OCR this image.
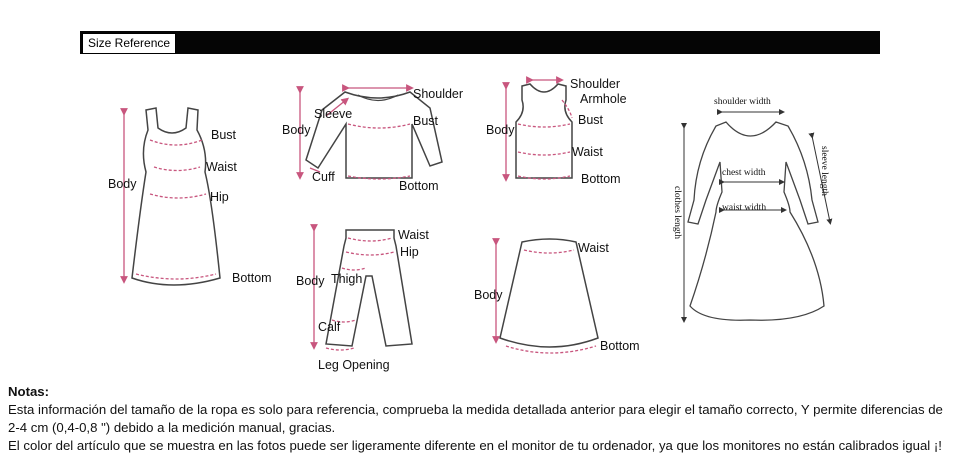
Size Reference
Bust
Waist
Hip
Body
Bottom
Shoulder
Sleeve	Bust
Body
Cuff
Bottom
Shoulder
Armhole
Bust
Body
Waist
Bottom
Waist
Hip
Body Thigh
Calf
Leg Opening
Waist
Body
Bottom
shoulder width
sleeve length
chest width
waist width
clothes length
Notas:
Esta información del tamaño de la ropa es solo para referencia, comprueba la medida detallada anterior para elegir el tamaño correcto, Y permite diferencias de 2-4 cm (0,4-0,8 ") debido a la medición manual, gracias.
El color del artículo que se muestra en las fotos puede ser ligeramente diferente en el monitor de tu ordenador, ya que los monitores no están calibrados igual ¡!
